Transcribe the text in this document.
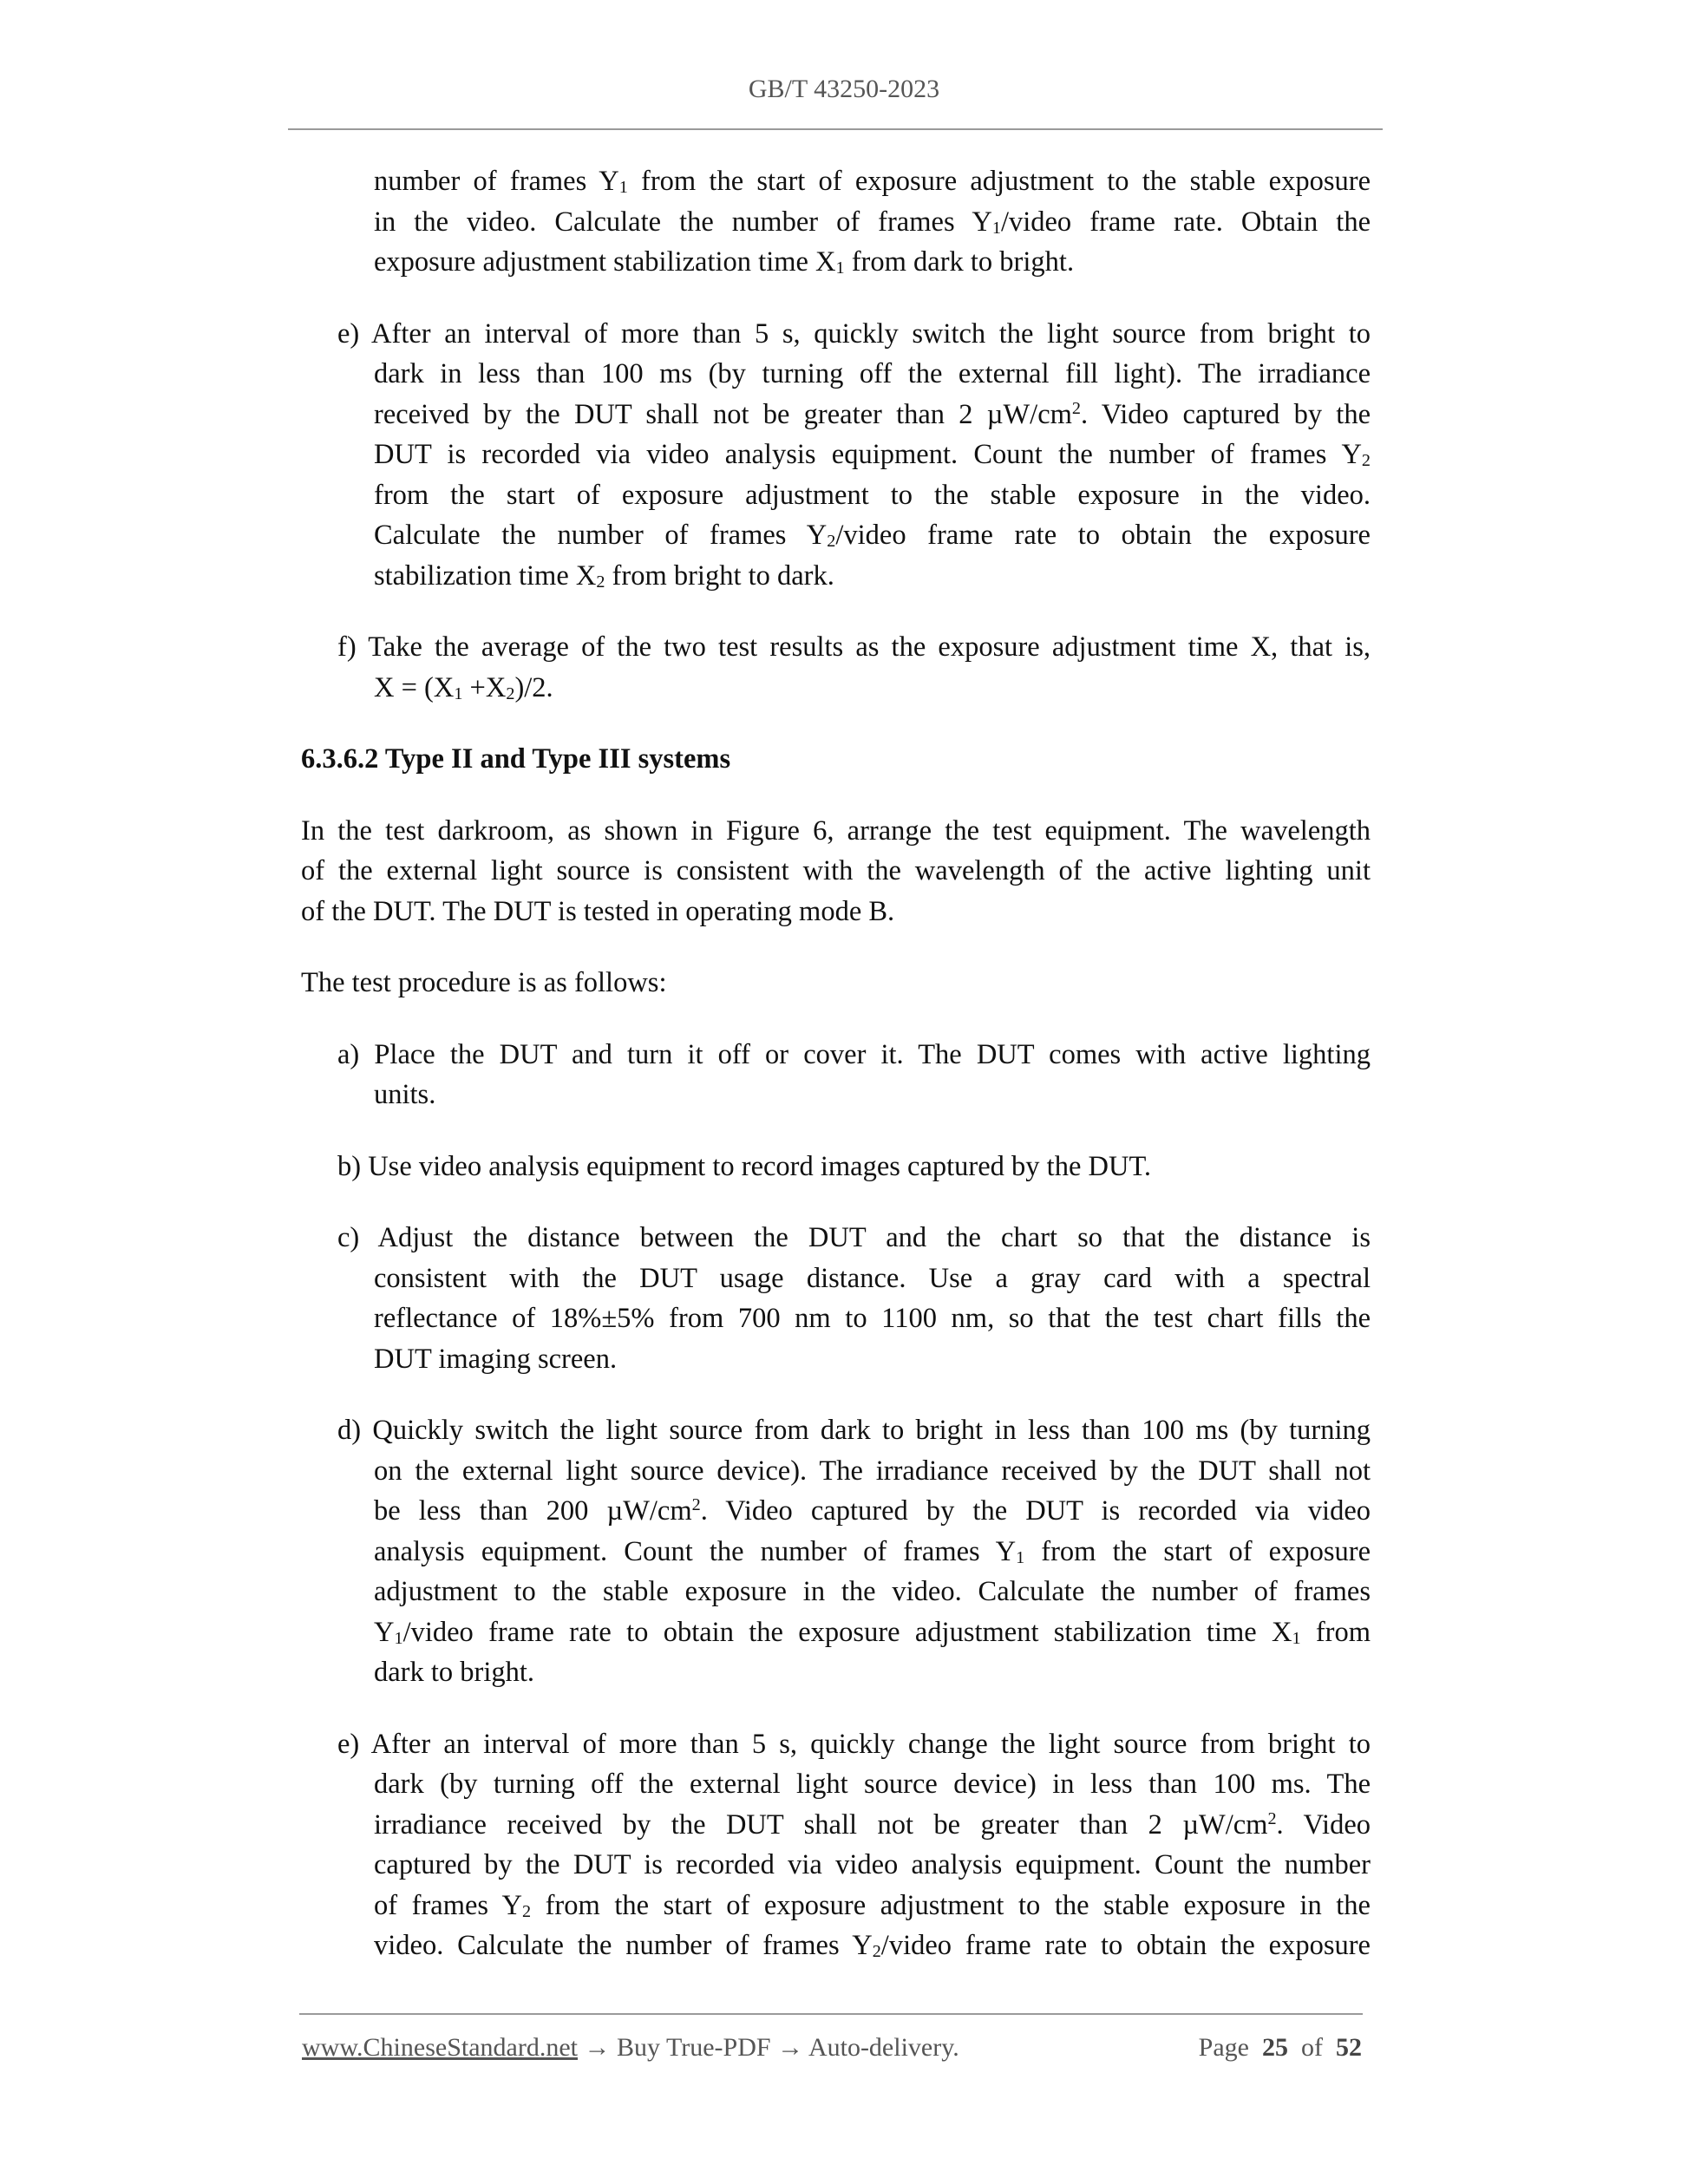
GB/T 43250-2023
number of frames $Y_1$ from the start of exposure adjustment to the stable exposure
in the video. Calculate the number of frames $Y_1$/video frame rate. Obtain the
exposure adjustment stabilization time $X_1$ from dark to bright.
e) After an interval of more than 5 s, quickly switch the light source from bright to
dark in less than 100 ms (by turning off the external fill light). The irradiance
received by the DUT shall not be greater than 2 $\mu W/cm^2$. Video captured by the
DUT is recorded via video analysis equipment. Count the number of frames $Y_2$
from the start of exposure adjustment to the stable exposure in the video.
Calculate the number of frames $Y_2$/video frame rate to obtain the exposure
stabilization time $X_2$ from bright to dark.
f) Take the average of the two test results as the exposure adjustment time X, that is,
$X = (X_1 +X_2)/2$.
6.3.6.2 Type II and Type III systems
In the test darkroom, as shown in Figure 6, arrange the test equipment. The wavelength
of the external light source is consistent with the wavelength of the active lighting unit
of the DUT. The DUT is tested in operating mode B.
The test procedure is as follows:
a) Place the DUT and turn it off or cover it. The DUT comes with active lighting
units.
b) Use video analysis equipment to record images captured by the DUT.
c) Adjust the distance between the DUT and the chart so that the distance is
consistent with the DUT usage distance. Use a gray card with a spectral
reflectance of 18%±5% from 700 nm to 1100 nm, so that the test chart fills the
DUT imaging screen.
d) Quickly switch the light source from dark to bright in less than 100 ms (by turning
on the external light source device). The irradiance received by the DUT shall not
be less than 200 $\mu W/cm^2$. Video captured by the DUT is recorded via video
analysis equipment. Count the number of frames $Y_1$ from the start of exposure
adjustment to the stable exposure in the video. Calculate the number of frames
$Y_1$/video frame rate to obtain the exposure adjustment stabilization time $X_1$ from
dark to bright.
e) After an interval of more than 5 s, quickly change the light source from bright to
dark (by turning off the external light source device) in less than 100 ms. The
irradiance received by the DUT shall not be greater than 2 $\mu W/cm^2$. Video
captured by the DUT is recorded via video analysis equipment. Count the number
of frames $Y_2$ from the start of exposure adjustment to the stable exposure in the
video. Calculate the number of frames $Y_2$/video frame rate to obtain the exposure
www.ChineseStandard.net → Buy True-PDF → Auto-delivery.	Page 25 of 52
